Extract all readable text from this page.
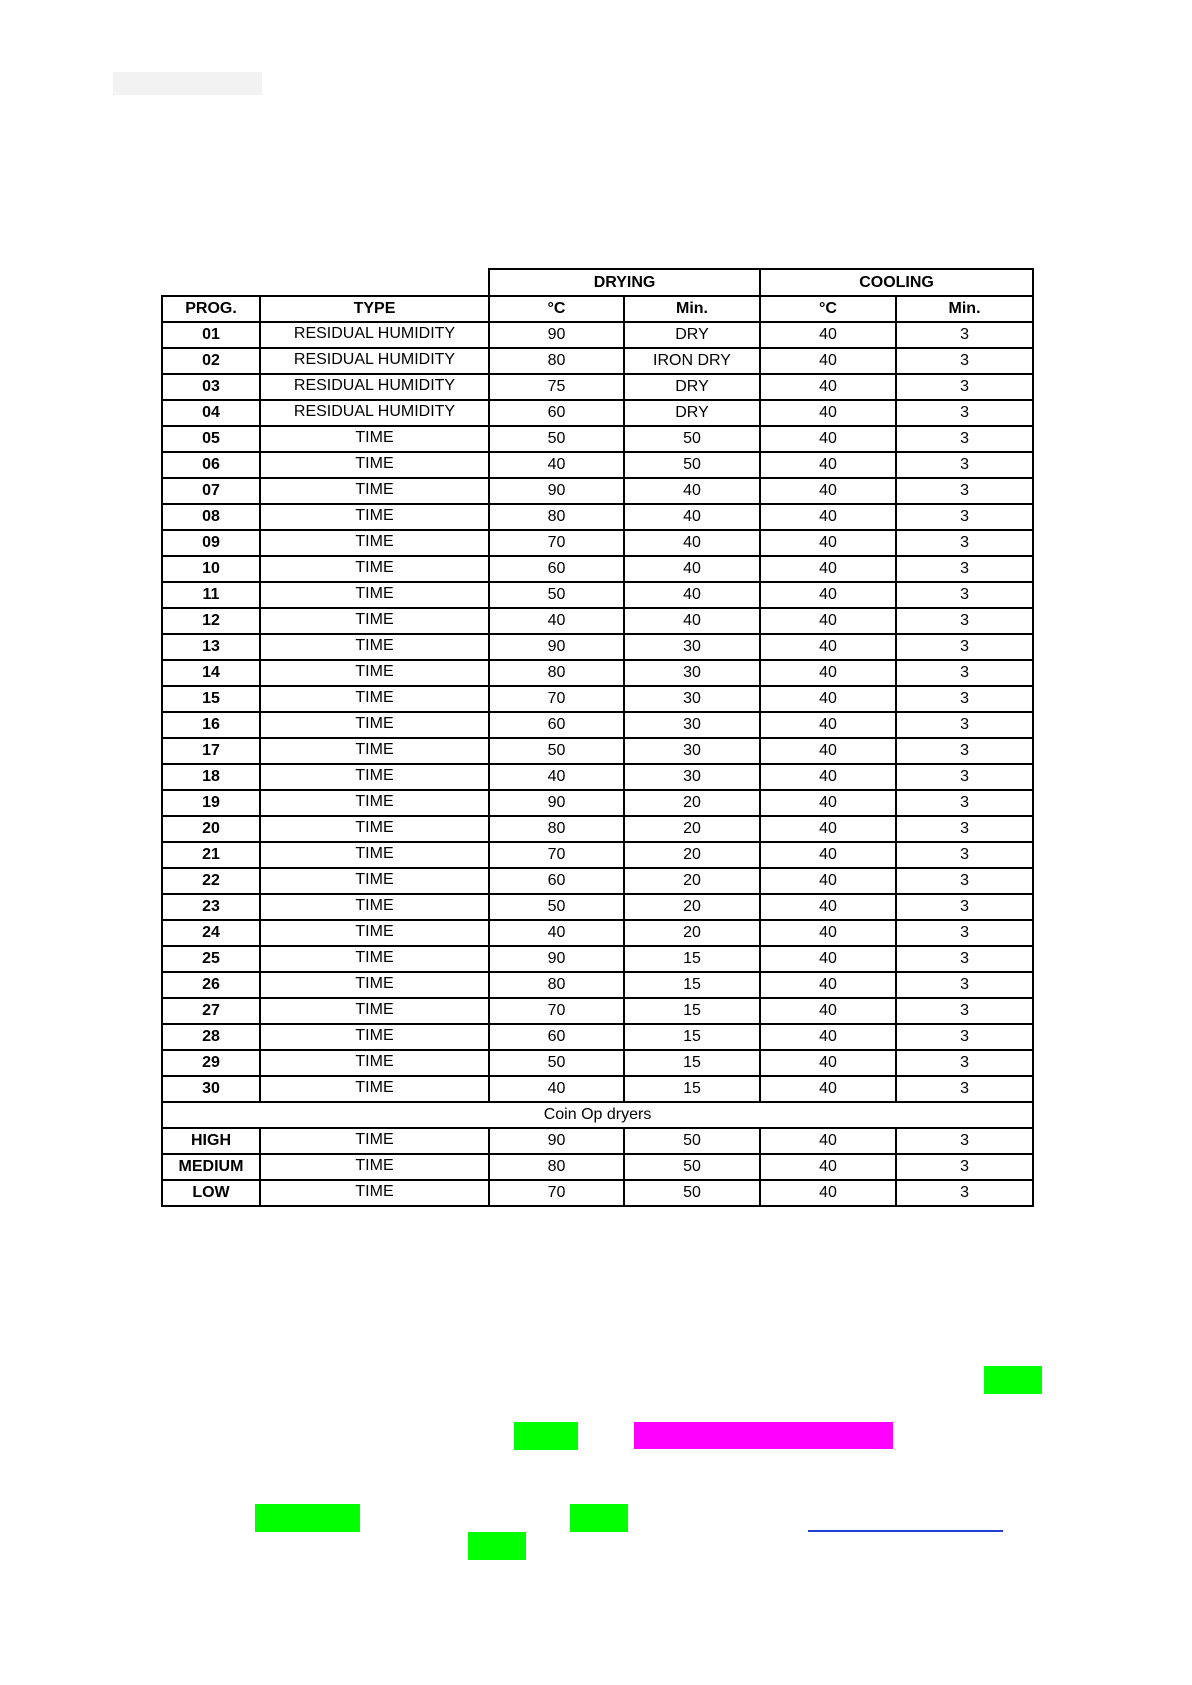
		DRYING		COOLING	
PROG.	TYPE	°C	Min.	°C	Min.
01	RESIDUAL HUMIDITY	90	DRY	40	3
02	RESIDUAL HUMIDITY	80	IRON DRY	40	3
03	RESIDUAL HUMIDITY	75	DRY	40	3
04	RESIDUAL HUMIDITY	60	DRY	40	3
05	TIME	50	50	40	3
06	TIME	40	50	40	3
07	TIME	90	40	40	3
08	TIME	80	40	40	3
09	TIME	70	40	40	3
10	TIME	60	40	40	3
11	TIME	50	40	40	3
12	TIME	40	40	40	3
13	TIME	90	30	40	3
14	TIME	80	30	40	3
15	TIME	70	30	40	3
16	TIME	60	30	40	3
17	TIME	50	30	40	3
18	TIME	40	30	40	3
19	TIME	90	20	40	3
20	TIME	80	20	40	3
21	TIME	70	20	40	3
22	TIME	60	20	40	3
23	TIME	50	20	40	3
24	TIME	40	20	40	3
25	TIME	90	15	40	3
26	TIME	80	15	40	3
27	TIME	70	15	40	3
28	TIME	60	15	40	3
29	TIME	50	15	40	3
30	TIME	40	15	40	3
Coin Op dryers					
HIGH	TIME	90	50	40	3
MEDIUM	TIME	80	50	40	3
LOW	TIME	70	50	40	3
